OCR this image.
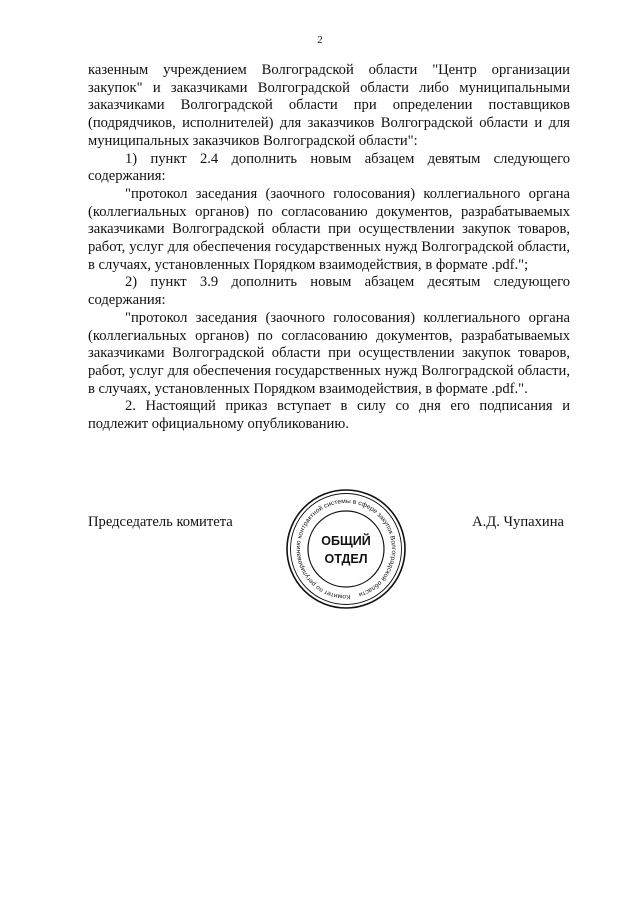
2

казенным учреждением Волгоградской области "Центр организации закупок" и заказчиками Волгоградской области либо муниципальными заказчиками Волгоградской области при определении поставщиков (подрядчиков, исполнителей) для заказчиков Волгоградской области и для муниципальных заказчиков Волгоградской области":

1) пункт 2.4 дополнить новым абзацем девятым следующего содержания:

"протокол заседания (заочного голосования) коллегиального органа (коллегиальных органов) по согласованию документов, разрабатываемых заказчиками Волгоградской области при осуществлении закупок товаров, работ, услуг для обеспечения государственных нужд Волгоградской области, в случаях, установленных Порядком взаимодействия, в формате .pdf.";

2) пункт 3.9 дополнить новым абзацем десятым следующего содержания:

"протокол заседания (заочного голосования) коллегиального органа (коллегиальных органов) по согласованию документов, разрабатываемых заказчиками Волгоградской области при осуществлении закупок товаров, работ, услуг для обеспечения государственных нужд Волгоградской области, в случаях, установленных Порядком взаимодействия, в формате .pdf.".

2. Настоящий приказ вступает в силу со дня его подписания и подлежит официальному опубликованию.

Председатель комитета	А.Д. Чупахина
Комитет по регулированию контрактной системы в сфере закупок Волгоградской области
ОБЩИЙ
ОТДЕЛ
